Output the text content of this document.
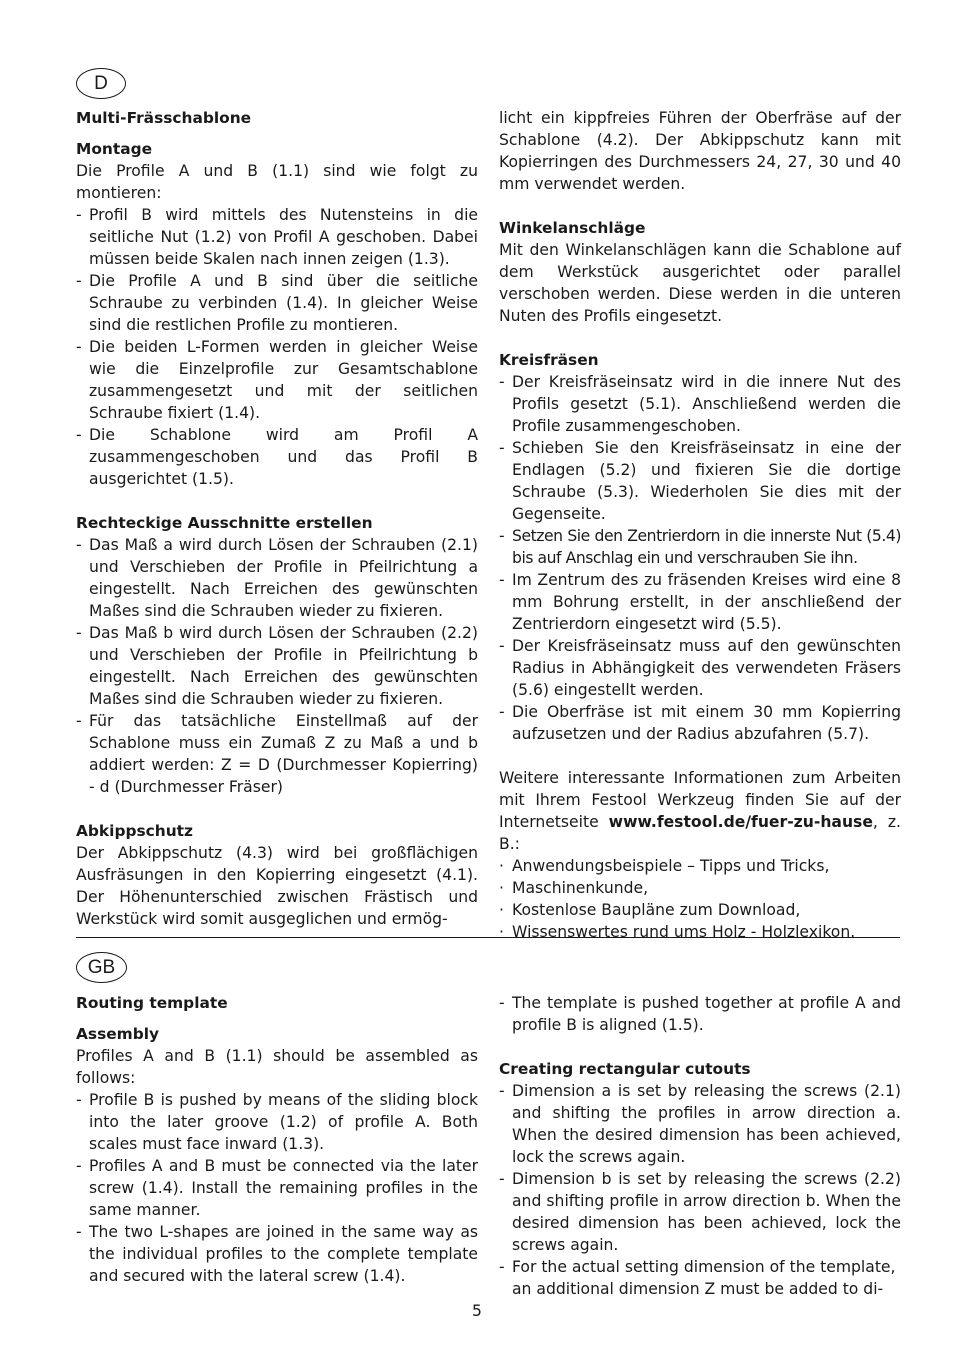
D

Multi-Frässchablone

Montage

Die Profile A und B (1.1) sind wie folgt zu montieren:

- Profil B wird mittels des Nutensteins in die seitliche Nut (1.2) von Profil A geschoben. Dabei müssen beide Skalen nach innen zeigen (1.3).
- Die Profile A und B sind über die seitliche Schraube zu verbinden (1.4). In gleicher Weise sind die restlichen Profile zu montieren.
- Die beiden L-Formen werden in gleicher Weise wie die Einzelprofile zur Gesamtschablone zusammengesetzt und mit der seitlichen Schraube fixiert (1.4).
- Die Schablone wird am Profil A zusammengeschoben und das Profil B ausgerichtet (1.5).

Rechteckige Ausschnitte erstellen

- Das Maß a wird durch Lösen der Schrauben (2.1) und Verschieben der Profile in Pfeilrichtung a eingestellt. Nach Erreichen des gewünschten Maßes sind die Schrauben wieder zu fixieren.
- Das Maß b wird durch Lösen der Schrauben (2.2) und Verschieben der Profile in Pfeilrichtung b eingestellt. Nach Erreichen des gewünschten Maßes sind die Schrauben wieder zu fixieren.
- Für das tatsächliche Einstellmaß auf der Schablone muss ein Zumaß Z zu Maß a und b addiert werden: Z = D (Durchmesser Kopierring) - d (Durchmesser Fräser)

Abkippschutz

Der Abkippschutz (4.3) wird bei großflächigen Ausfräsungen in den Kopierring eingesetzt (4.1). Der Höhenunterschied zwischen Frästisch und Werkstück wird somit ausgeglichen und ermög-

licht ein kippfreies Führen der Oberfräse auf der Schablone (4.2). Der Abkippschutz kann mit Kopierringen des Durchmessers 24, 27, 30 und 40 mm verwendet werden.

Winkelanschläge

Mit den Winkelanschlägen kann die Schablone auf dem Werkstück ausgerichtet oder parallel verschoben werden. Diese werden in die unteren Nuten des Profils eingesetzt.

Kreisfräsen

- Der Kreisfräseinsatz wird in die innere Nut des Profils gesetzt (5.1). Anschließend werden die Profile zusammengeschoben.
- Schieben Sie den Kreisfräseinsatz in eine der Endlagen (5.2) und fixieren Sie die dortige Schraube (5.3). Wiederholen Sie dies mit der Gegenseite.
- Setzen Sie den Zentrierdorn in die innerste Nut (5.4) bis auf Anschlag ein und verschrauben Sie ihn.
- Im Zentrum des zu fräsenden Kreises wird eine 8 mm Bohrung erstellt, in der anschließend der Zentrierdorn eingesetzt wird (5.5).
- Der Kreisfräseinsatz muss auf den gewünschten Radius in Abhängigkeit des verwendeten Fräsers (5.6) eingestellt werden.
- Die Oberfräse ist mit einem 30 mm Kopierring aufzusetzen und der Radius abzufahren (5.7).

Weitere interessante Informationen zum Arbeiten mit Ihrem Festool Werkzeug finden Sie auf der Internetseite www.festool.de/fuer-zu-hause, z. B.:

· Anwendungsbeispiele – Tipps und Tricks,
· Maschinenkunde,
· Kostenlose Baupläne zum Download,
· Wissenswertes rund ums Holz - Holzlexikon.
GB

Routing template

Assembly

Profiles A and B (1.1) should be assembled as follows:

- Profile B is pushed by means of the sliding block into the later groove (1.2) of profile A. Both scales must face inward (1.3).
- Profiles A and B must be connected via the later screw (1.4). Install the remaining profiles in the same manner.
- The two L-shapes are joined in the same way as the individual profiles to the complete template and secured with the lateral screw (1.4).
- The template is pushed together at profile A and profile B is aligned (1.5).

Creating rectangular cutouts

- Dimension a is set by releasing the screws (2.1) and shifting the profiles in arrow direction a. When the desired dimension has been achieved, lock the screws again.
- Dimension b is set by releasing the screws (2.2) and shifting profile in arrow direction b. When the desired dimension has been achieved, lock the screws again.
- For the actual setting dimension of the template, an additional dimension Z must be added to di-
5
